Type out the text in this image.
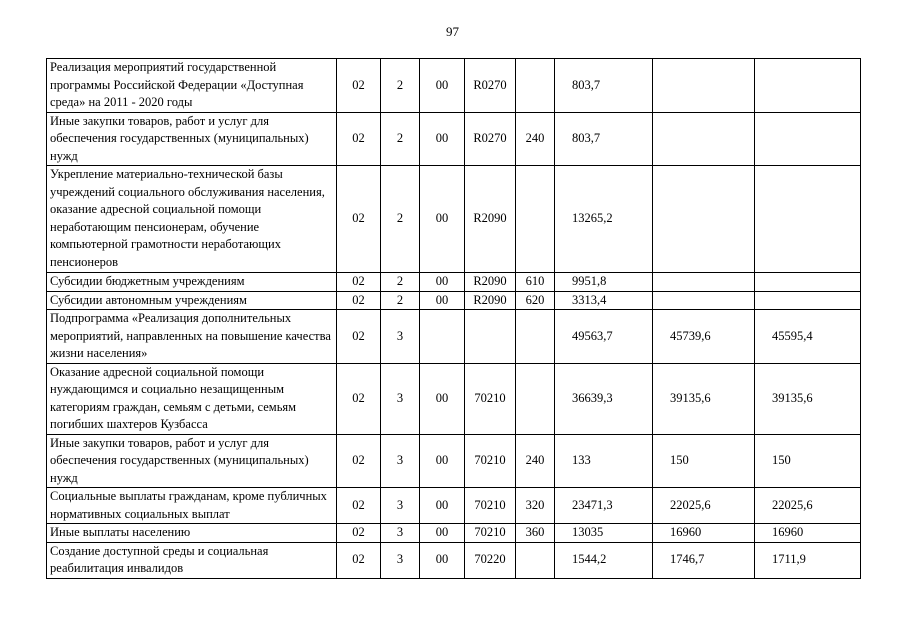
97
Реализация мероприятий государственной программы Российской Федерации «Доступная среда» на 2011 - 2020 годы	02	2	00	R0270		803,7		
Иные закупки товаров, работ и услуг для обеспечения государственных (муниципальных) нужд	02	2	00	R0270	240	803,7		
Укрепление материально-технической базы учреждений социального обслуживания населения, оказание адресной социальной помощи неработающим пенсионерам, обучение компьютерной грамотности неработающих пенсионеров	02	2	00	R2090		13265,2		
Субсидии бюджетным учреждениям	02	2	00	R2090	610	9951,8		
Субсидии автономным учреждениям	02	2	00	R2090	620	3313,4		
Подпрограмма «Реализация дополнительных мероприятий, направленных на повышение качества жизни населения»	02	3				49563,7	45739,6	45595,4
Оказание адресной социальной помощи нуждающимся и социально незащищенным категориям граждан, семьям с детьми, семьям погибших шахтеров Кузбасса	02	3	00	70210		36639,3	39135,6	39135,6
Иные закупки товаров, работ и услуг для обеспечения государственных (муниципальных) нужд	02	3	00	70210	240	133	150	150
Социальные выплаты гражданам, кроме публичных нормативных социальных выплат	02	3	00	70210	320	23471,3	22025,6	22025,6
Иные выплаты населению	02	3	00	70210	360	13035	16960	16960
Создание доступной среды и социальная реабилитация инвалидов	02	3	00	70220		1544,2	1746,7	1711,9
